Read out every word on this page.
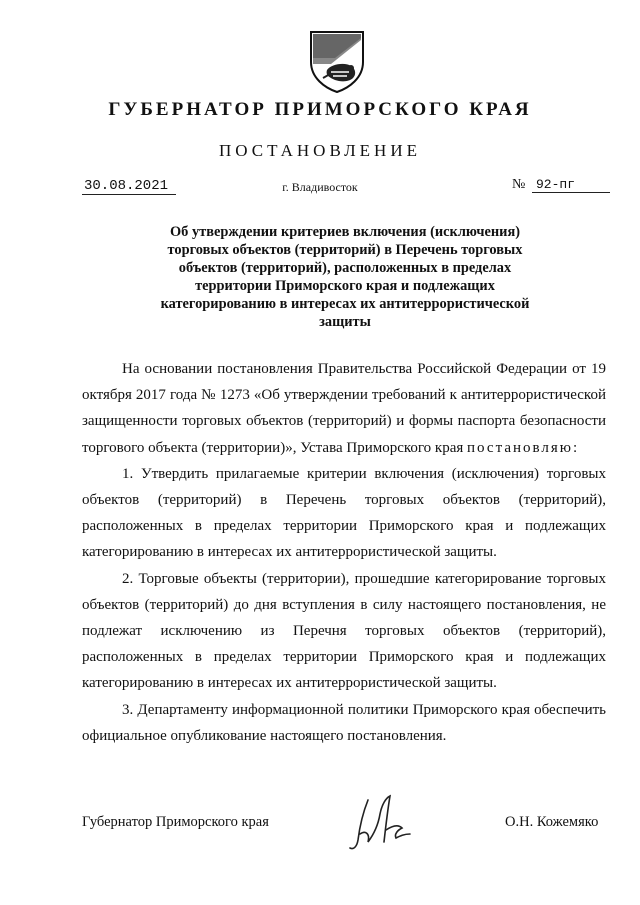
ГУБЕРНАТОР ПРИМОРСКОГО КРАЯ
ПОСТАНОВЛЕНИЕ
30.08.2021	г. Владивосток	№ 92-пг
Об утверждении критериев включения (исключения) торговых объектов (территорий) в Перечень торговых объектов (территорий), расположенных в пределах территории Приморского края и подлежащих категорированию в интересах их антитеррористической защиты

На основании постановления Правительства Российской Федерации от 19 октября 2017 года № 1273 «Об утверждении требований к антитеррористической защищенности торговых объектов (территорий) и формы паспорта безопасности торгового объекта (территории)», Устава Приморского края постановляю:

1. Утвердить прилагаемые критерии включения (исключения) торговых объектов (территорий) в Перечень торговых объектов (территорий), расположенных в пределах территории Приморского края и подлежащих категорированию в интересах их антитеррористической защиты.

2. Торговые объекты (территории), прошедшие категорирование торговых объектов (территорий) до дня вступления в силу настоящего постановления, не подлежат исключению из Перечня торговых объектов (территорий), расположенных в пределах территории Приморского края и подлежащих категорированию в интересах их антитеррористической защиты.

3. Департаменту информационной политики Приморского края обеспечить официальное опубликование настоящего постановления.

Губернатор Приморского края	О.Н. Кожемяко
